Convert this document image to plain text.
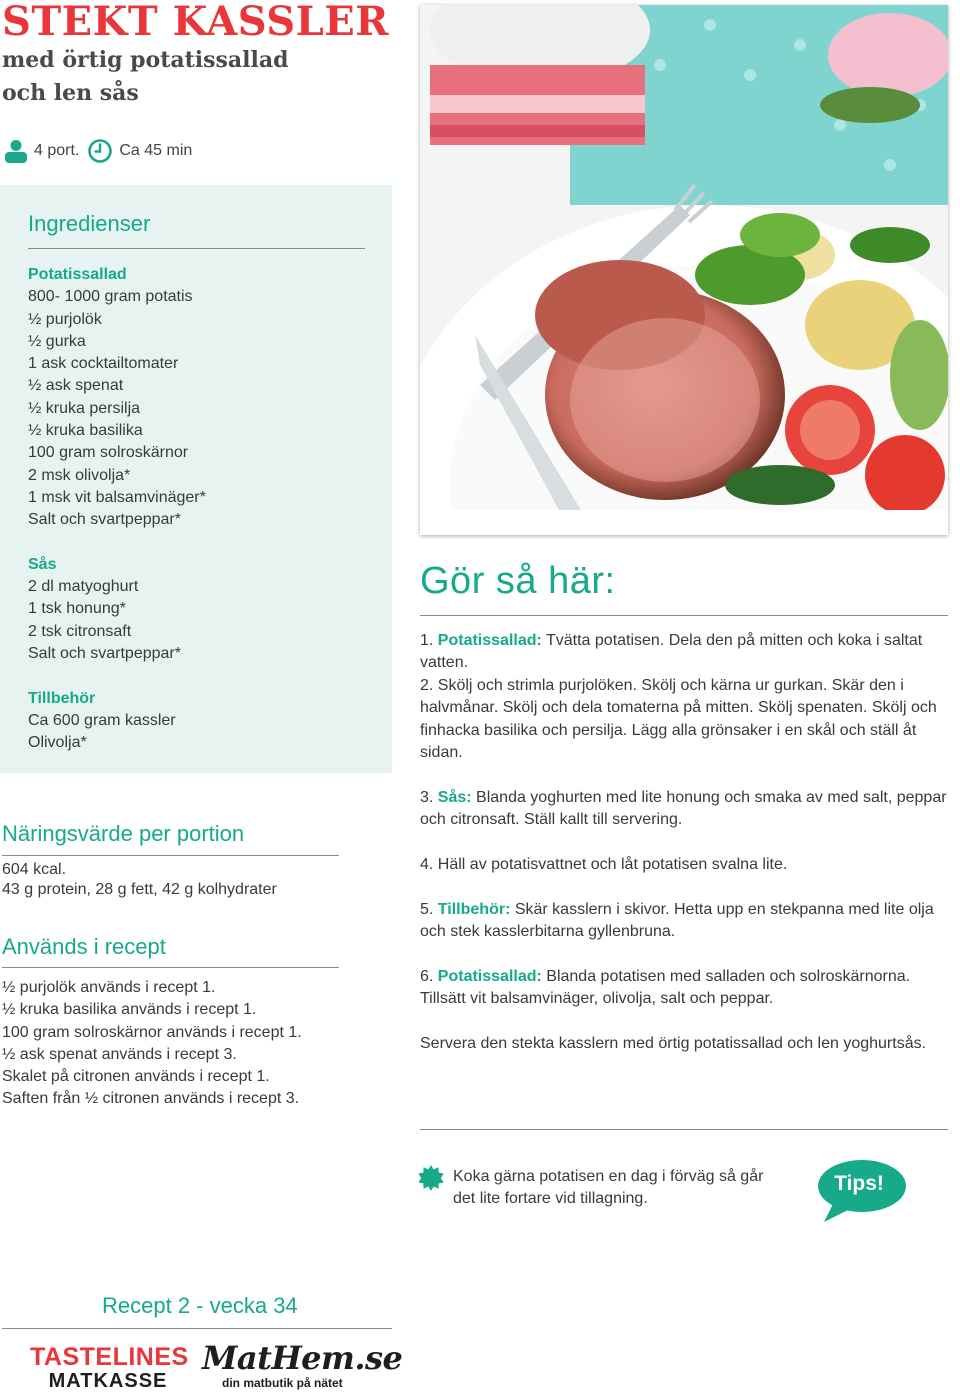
STEKT KASSLER
med örtig potatissallad och len sås
4 port.	Ca 45 min
Ingredienser
Potatissallad
800- 1000 gram potatis
½ purjolök
½ gurka
1 ask cocktailtomater
½ ask spenat
½ kruka persilja
½ kruka basilika
100 gram solroskärnor
2 msk olivolja*
1 msk vit balsamvinäger*
Salt och svartpeppar*
Sås
2 dl matyoghurt
1 tsk honung*
2 tsk citronsaft
Salt och svartpeppar*
Tillbehör
Ca 600 gram kassler
Olivolja*
Näringsvärde per portion
604 kcal.
43 g protein, 28 g fett, 42 g kolhydrater
Används i recept
½ purjolök används i recept 1.
½ kruka basilika används i recept 1.
100 gram solroskärnor används i recept 1.
½ ask spenat används i recept 3.
Skalet på citronen används i recept 1.
Saften från ½ citronen används i recept 3.
Gör så här:

1. Potatissallad: Tvätta potatisen. Dela den på mitten och koka i saltat vatten.
2. Skölj och strimla purjolöken. Skölj och kärna ur gurkan. Skär den i halvmånar. Skölj och dela tomaterna på mitten. Skölj spenaten. Skölj och finhacka basilika och persilja. Lägg alla grönsaker i en skål och ställ åt sidan.

3. Sås: Blanda yoghurten med lite honung och smaka av med salt, peppar och citronsaft. Ställ kallt till servering.

4. Häll av potatisvattnet och låt potatisen svalna lite.

5. Tillbehör: Skär kasslern i skivor. Hetta upp en stekpanna med lite olja och stek kasslerbitarna gyllenbruna.

6. Potatissallad: Blanda potatisen med salladen och solroskärnorna. Tillsätt vit balsamvinäger, olivolja, salt och peppar.

Servera den stekta kasslern med örtig potatissallad och len yoghurtsås.

Koka gärna potatisen en dag i förväg så går det lite fortare vid tillagning.
Tips!
Recept 2 - vecka 34
TASTELINES
MATKASSE
MatHem.se
din matbutik på nätet
